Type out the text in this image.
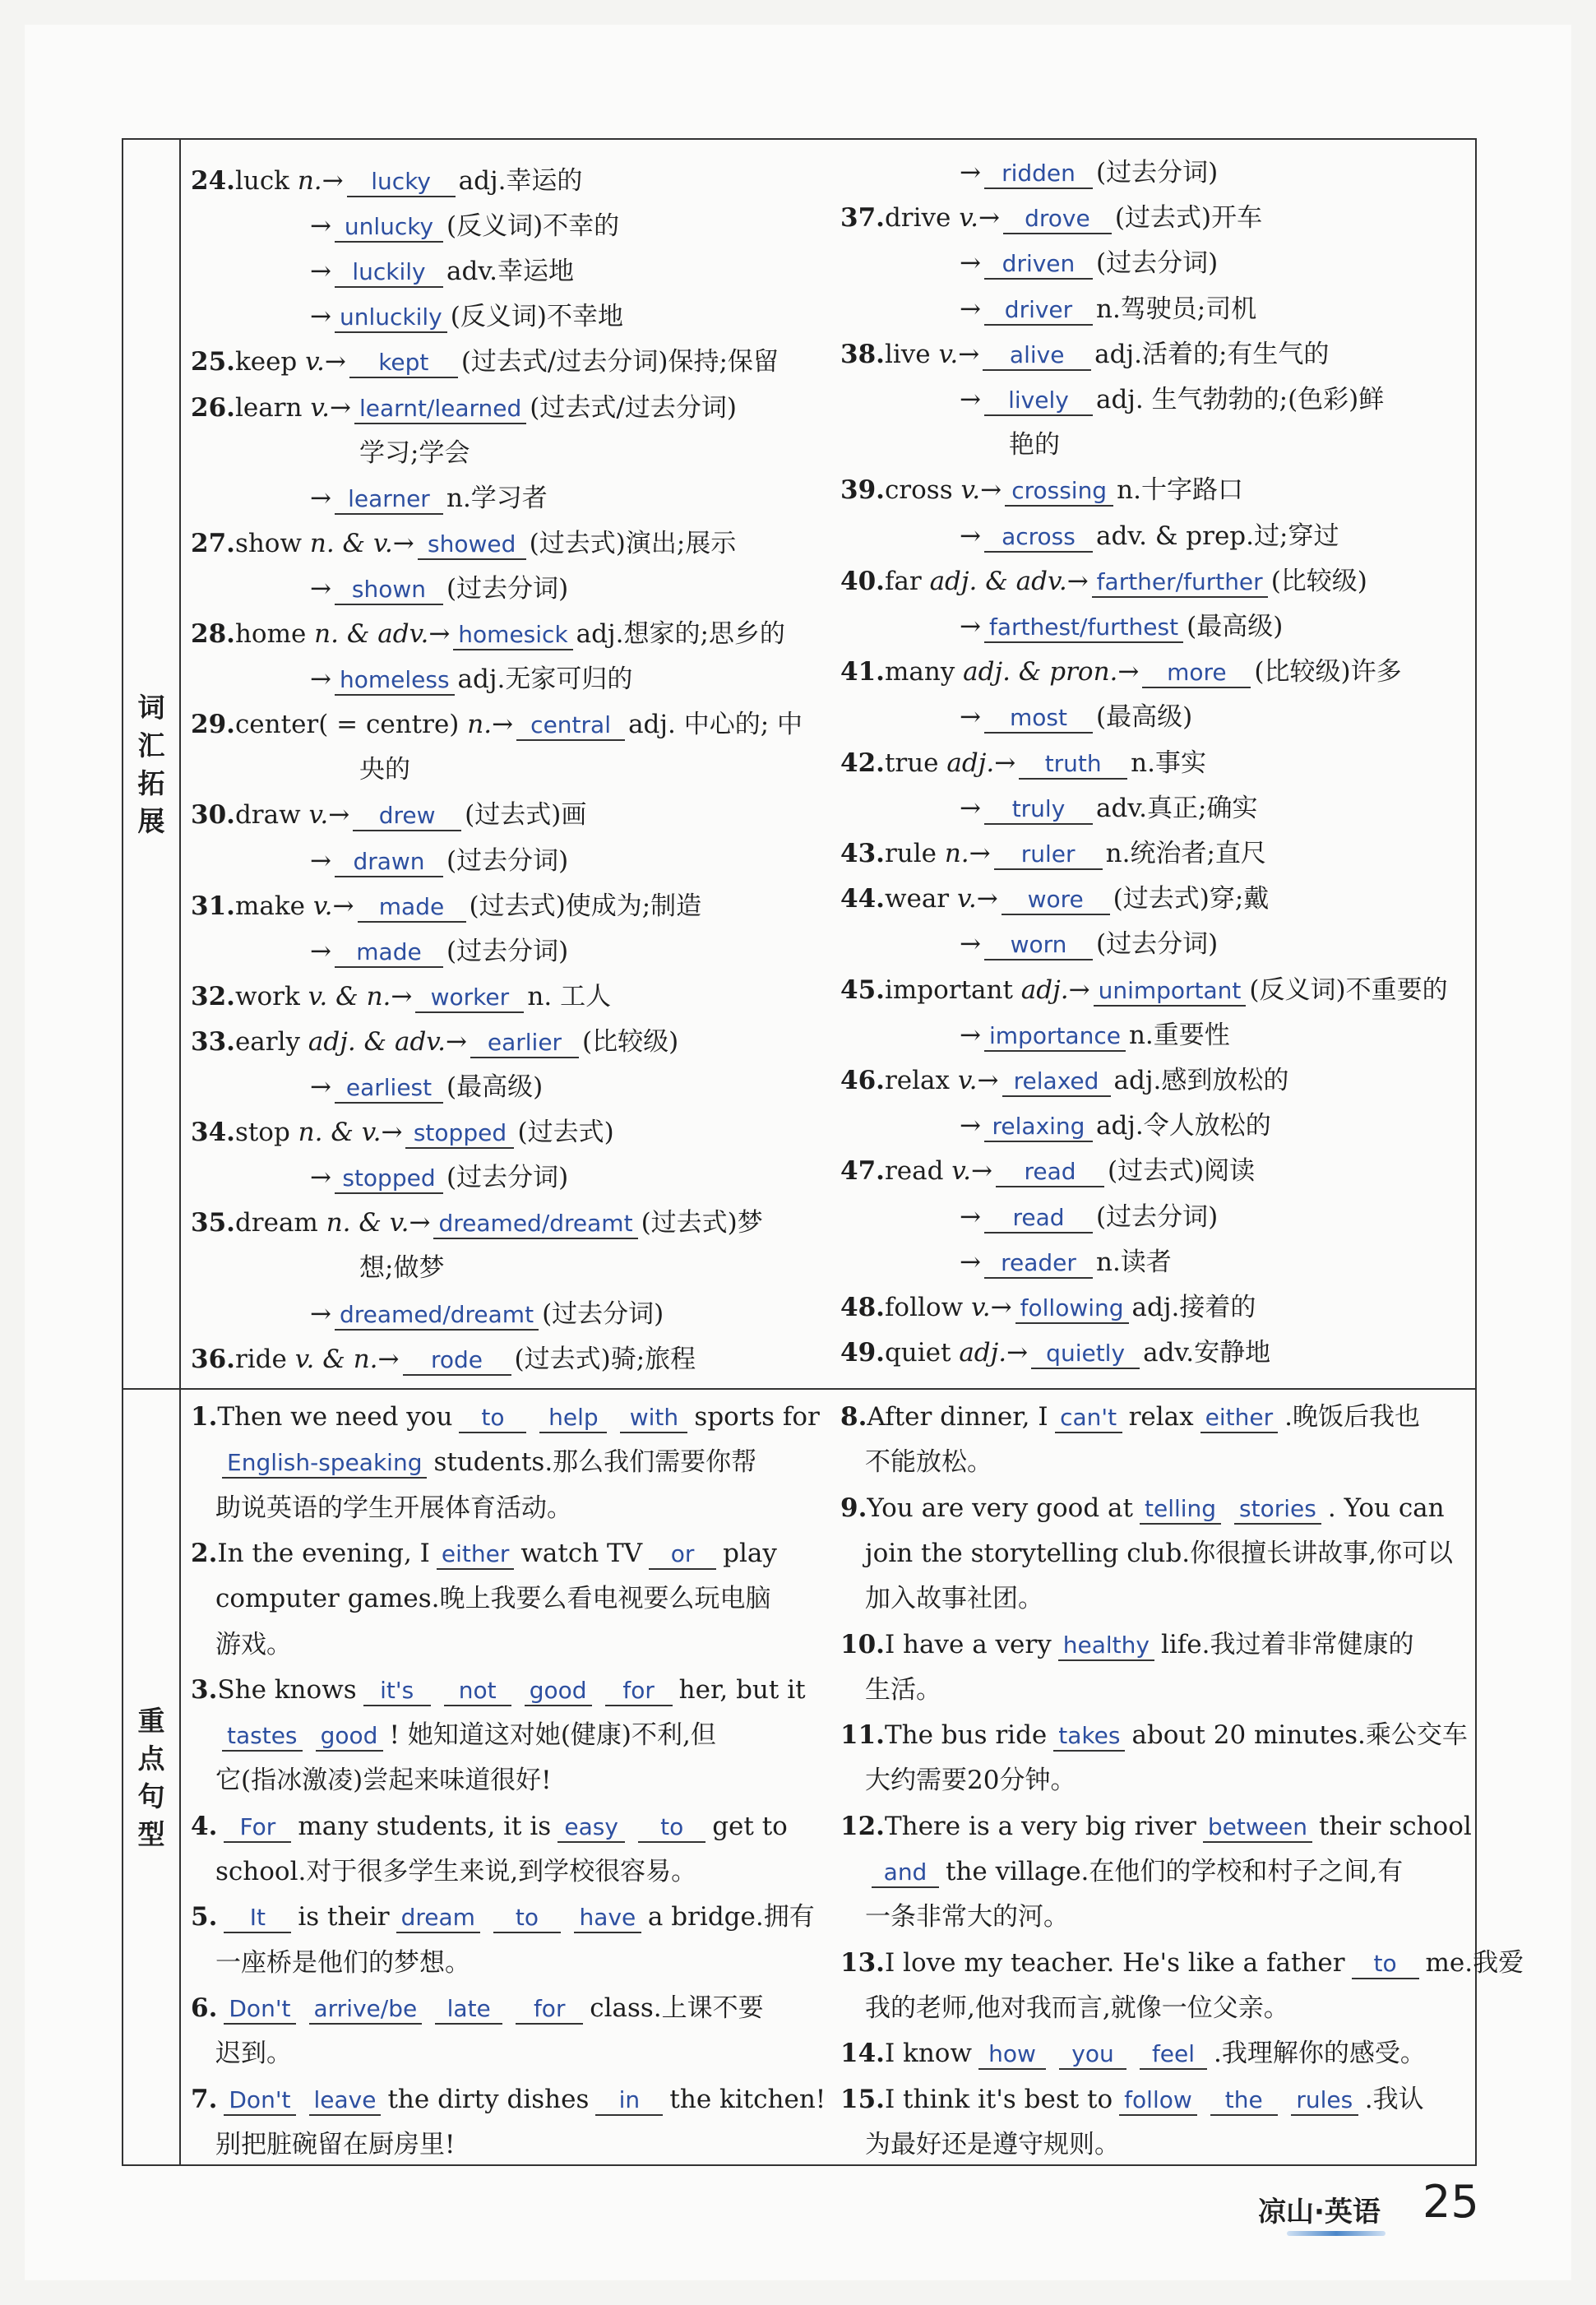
词
汇
拓
展
重
点
句
型
24.luck n.→ lucky adj.幸运的
→ unlucky (反义词)不幸的
→ luckily adv.幸运地
→ unluckily (反义词)不幸地
25.keep v.→ kept (过去式/过去分词)保持;保留
26.learn v.→ learnt/learned (过去式/过去分词)
学习;学会
→ learner n.学习者
27.show n. & v.→ showed (过去式)演出;展示
→ shown (过去分词)
28.home n. & adv.→ homesick adj.想家的;思乡的
→ homeless adj.无家可归的
29.center( = centre) n.→ central adj. 中心的; 中
央的
30.draw v.→ drew (过去式)画
→ drawn (过去分词)
31.make v.→ made (过去式)使成为;制造
→ made (过去分词)
32.work v. & n.→ worker n. 工人
33.early adj. & adv.→ earlier (比较级)
→ earliest (最高级)
34.stop n. & v.→ stopped (过去式)
→ stopped (过去分词)
35.dream n. & v.→ dreamed/dreamt (过去式)梦
想;做梦
→ dreamed/dreamt (过去分词)
36.ride v. & n.→ rode (过去式)骑;旅程
→ ridden (过去分词)
37.drive v.→ drove (过去式)开车
→ driven (过去分词)
→ driver n.驾驶员;司机
38.live v.→ alive adj.活着的;有生气的
→ lively adj. 生气勃勃的;(色彩)鲜
艳的
39.cross v.→ crossing n.十字路口
→ across adv. & prep.过;穿过
40.far adj. & adv.→ farther/further (比较级)
→ farthest/furthest (最高级)
41.many adj. & pron.→ more (比较级)许多
→ most (最高级)
42.true adj.→ truth n.事实
→ truly adv.真正;确实
43.rule n.→ ruler n.统治者;直尺
44.wear v.→ wore (过去式)穿;戴
→ worn (过去分词)
45.important adj.→ unimportant (反义词)不重要的
→ importance n.重要性
46.relax v.→ relaxed adj.感到放松的
→ relaxing adj.令人放松的
47.read v.→ read (过去式)阅读
→ read (过去分词)
→ reader n.读者
48.follow v.→ following adj.接着的
49.quiet adj.→ quietly adv.安静地
1.Then we need you to help with sports for
English-speaking students.那么我们需要你帮
助说英语的学生开展体育活动。
2.In the evening, I either watch TV or play
computer games.晚上我要么看电视要么玩电脑
游戏。
3.She knows it's not good for her, but it
tastes good ! 她知道这对她(健康)不利,但
它(指冰激凌)尝起来味道很好!
4. For many students, it is easy to get to
school.对于很多学生来说,到学校很容易。
5. It is their dream to have a bridge.拥有
一座桥是他们的梦想。
6. Don't arrive/be late for class.上课不要
迟到。
7. Don't leave the dirty dishes in the kitchen!
别把脏碗留在厨房里!
8.After dinner, I can't relax either .晚饭后我也
不能放松。
9.You are very good at telling stories . You can
join the storytelling club.你很擅长讲故事,你可以
加入故事社团。
10.I have a very healthy life.我过着非常健康的
生活。
11.The bus ride takes about 20 minutes.乘公交车
大约需要20分钟。
12.There is a very big river between their school
and the village.在他们的学校和村子之间,有
一条非常大的河。
13.I love my teacher. He's like a father to me.我爱
我的老师,他对我而言,就像一位父亲。
14.I know how you feel .我理解你的感受。
15.I think it's best to follow the rules .我认
为最好还是遵守规则。
凉山·英语 25
